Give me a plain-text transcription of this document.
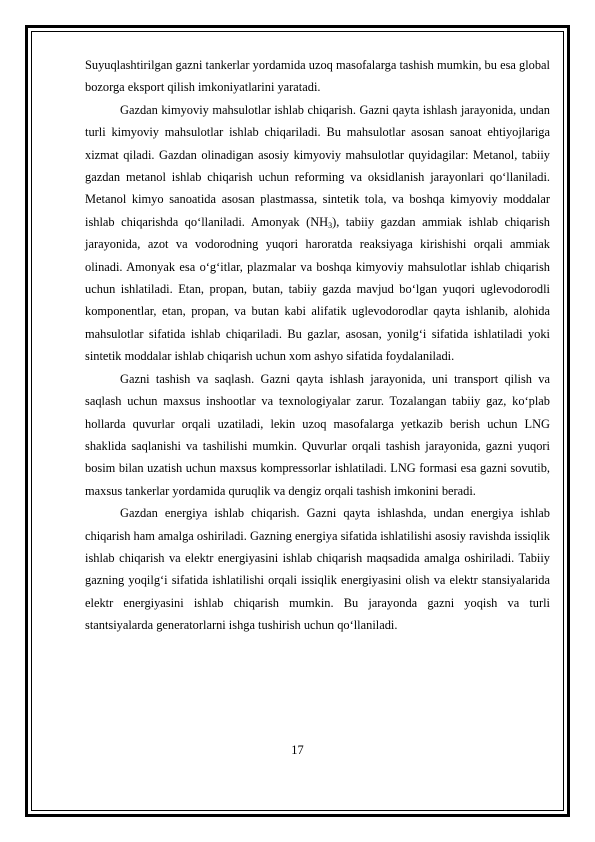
Suyuqlashtirilgan gazni tankerlar yordamida uzoq masofalarga tashish mumkin, bu esa global bozorga eksport qilish imkoniyatlarini yaratadi.

Gazdan kimyoviy mahsulotlar ishlab chiqarish. Gazni qayta ishlash jarayonida, undan turli kimyoviy mahsulotlar ishlab chiqariladi. Bu mahsulotlar asosan sanoat ehtiyojlariga xizmat qiladi. Gazdan olinadigan asosiy kimyoviy mahsulotlar quyidagilar: Metanol, tabiiy gazdan metanol ishlab chiqarish uchun reforming va oksidlanish jarayonlari qo‘llaniladi. Metanol kimyo sanoatida asosan plastmassa, sintetik tola, va boshqa kimyoviy moddalar ishlab chiqarishda qo‘llaniladi. Amonyak $(NH_3)$, tabiiy gazdan ammiak ishlab chiqarish jarayonida, azot va vodorodning yuqori haroratda reaksiyaga kirishishi orqali ammiak olinadi. Amonyak esa o‘g‘itlar, plazmalar va boshqa kimyoviy mahsulotlar ishlab chiqarish uchun ishlatiladi. Etan, propan, butan, tabiiy gazda mavjud bo‘lgan yuqori uglevodorodli komponentlar, etan, propan, va butan kabi alifatik uglevodorodlar qayta ishlanib, alohida mahsulotlar sifatida ishlab chiqariladi. Bu gazlar, asosan, yonilg‘i sifatida ishlatiladi yoki sintetik moddalar ishlab chiqarish uchun xom ashyo sifatida foydalaniladi.

Gazni tashish va saqlash. Gazni qayta ishlash jarayonida, uni transport qilish va saqlash uchun maxsus inshootlar va texnologiyalar zarur. Tozalangan tabiiy gaz, ko‘plab hollarda quvurlar orqali uzatiladi, lekin uzoq masofalarga yetkazib berish uchun LNG shaklida saqlanishi va tashilishi mumkin. Quvurlar orqali tashish jarayonida, gazni yuqori bosim bilan uzatish uchun maxsus kompressorlar ishlatiladi. LNG formasi esa gazni sovutib, maxsus tankerlar yordamida quruqlik va dengiz orqali tashish imkonini beradi.

Gazdan energiya ishlab chiqarish. Gazni qayta ishlashda, undan energiya ishlab chiqarish ham amalga oshiriladi. Gazning energiya sifatida ishlatilishi asosiy ravishda issiqlik ishlab chiqarish va elektr energiyasini ishlab chiqarish maqsadida amalga oshiriladi. Tabiiy gazning yoqilg‘i sifatida ishlatilishi orqali issiqlik energiyasini olish va elektr stansiyalarida elektr energiyasini ishlab chiqarish mumkin. Bu jarayonda gazni yoqish va turli stantsiyalarda generatorlarni ishga tushirish uchun qo‘llaniladi.

17
